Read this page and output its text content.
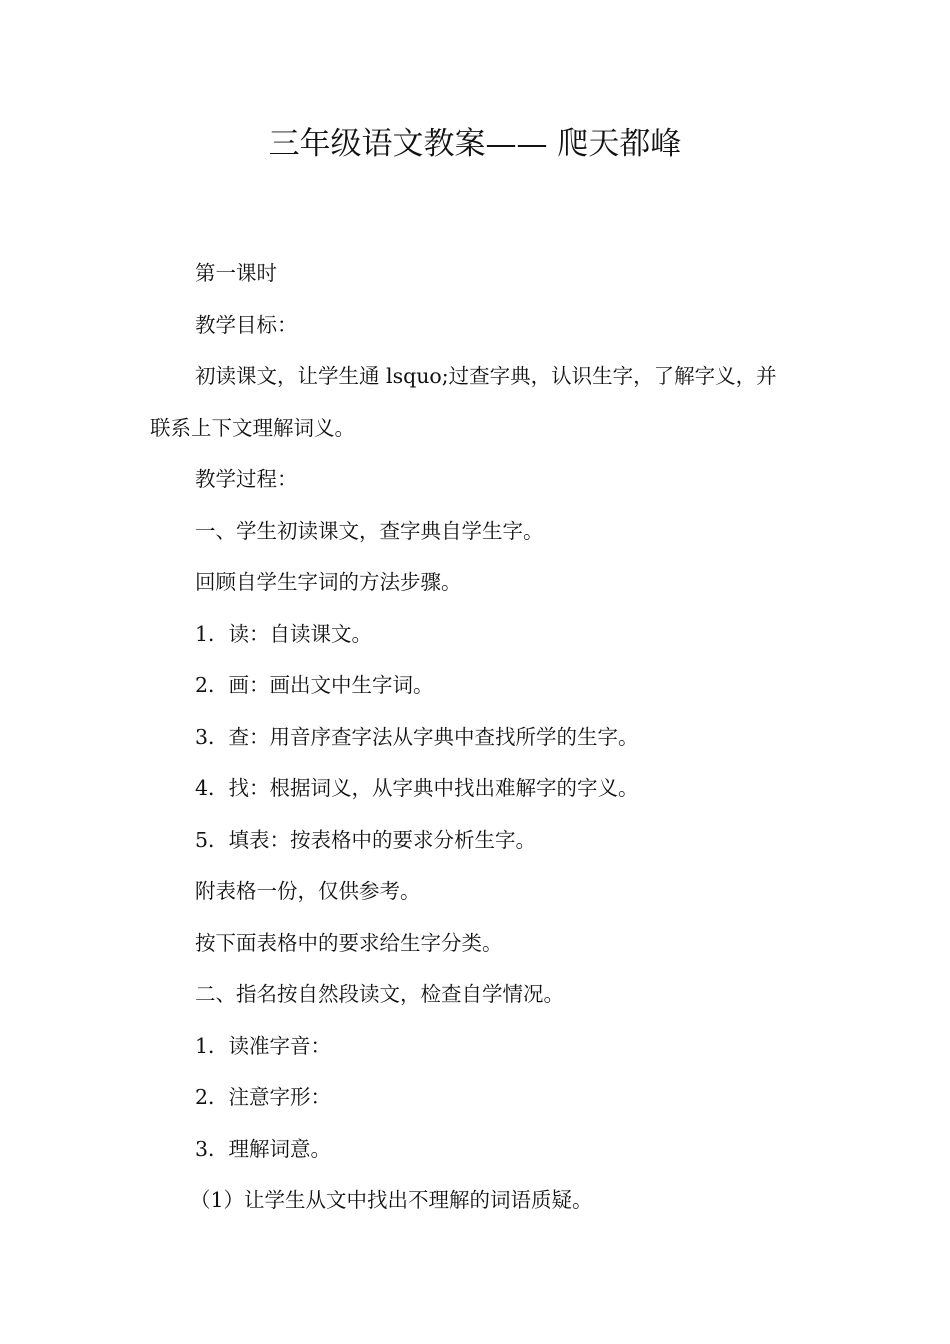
三年级语文教案—— 爬天都峰

第一课时

教学目标：

初读课文，让学生通 lsquo;过查字典，认识生字，了解字义，并联系上下文理解词义。

教学过程：

一、学生初读课文，查字典自学生字。

回顾自学生字词的方法步骤。

1．读：自读课文。

2．画：画出文中生字词。

3．查：用音序查字法从字典中查找所学的生字。

4．找：根据词义，从字典中找出难解字的字义。

5．填表：按表格中的要求分析生字。

附表格一份，仅供参考。

按下面表格中的要求给生字分类。

二、指名按自然段读文，检查自学情况。

1．读准字音：

2．注意字形：

3．理解词意。

（1）让学生从文中找出不理解的词语质疑。
